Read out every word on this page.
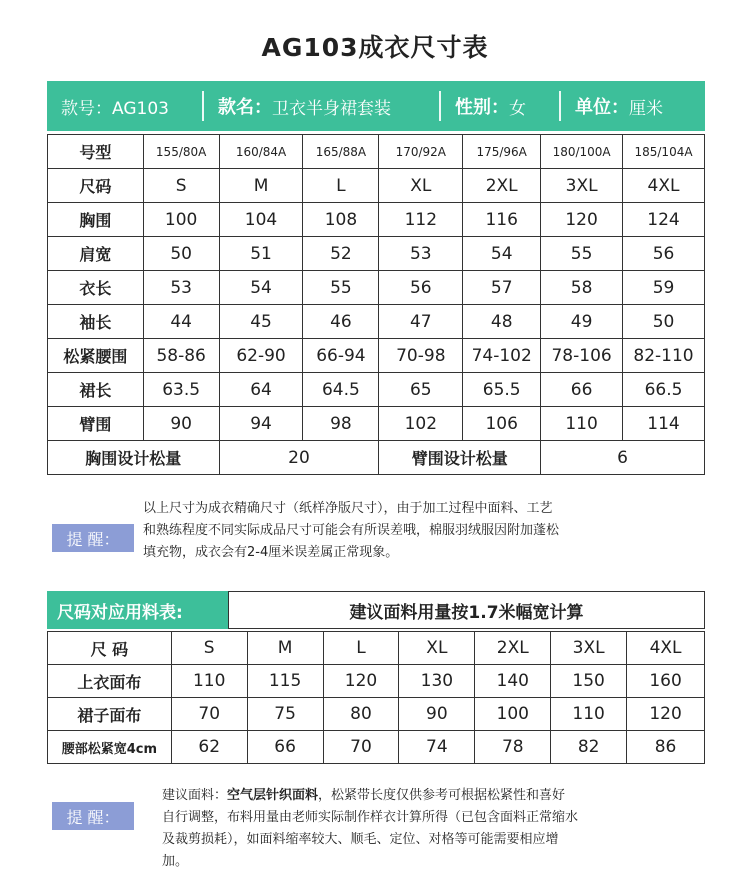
AG103成衣尺寸表
款号：AG103	款名： 卫衣半身裙套装	性别： 女	单位： 厘米
号型	155/80A	160/84A	165/88A	170/92A	175/96A	180/100A	185/104A
尺码	S	M	L	XL	2XL	3XL	4XL
胸围	100	104	108	112	116	120	124
肩宽	50	51	52	53	54	55	56
衣长	53	54	55	56	57	58	59
袖长	44	45	46	47	48	49	50
松紧腰围	58-86	62-90	66-94	70-98	74-102	78-106	82-110
裙长	63.5	64	64.5	65	65.5	66	66.5
臂围	90	94	98	102	106	110	114
胸围设计松量		20		臂围设计松量		6	
提 醒：
以上尺寸为成衣精确尺寸（纸样净版尺寸），由于加工过程中面料、工艺
和熟练程度不同实际成品尺寸可能会有所误差哦，棉服羽绒服因附加蓬松
填充物，成衣会有2-4厘米误差属正常现象。
尺码对应用料表:	建议面料用量按1.7米幅宽计算
尺 码	S	M	L	XL	2XL	3XL	4XL
上衣面布	110	115	120	130	140	150	160
裙子面布	70	75	80	90	100	110	120
腰部松紧宽4cm	62	66	70	74	78	82	86
提 醒：
建议面料：空气层针织面料，松紧带长度仅供参考可根据松紧性和喜好
自行调整，布料用量由老师实际制作样衣计算所得（已包含面料正常缩水
及裁剪损耗），如面料缩率较大、顺毛、定位、对格等可能需要相应增
加。
